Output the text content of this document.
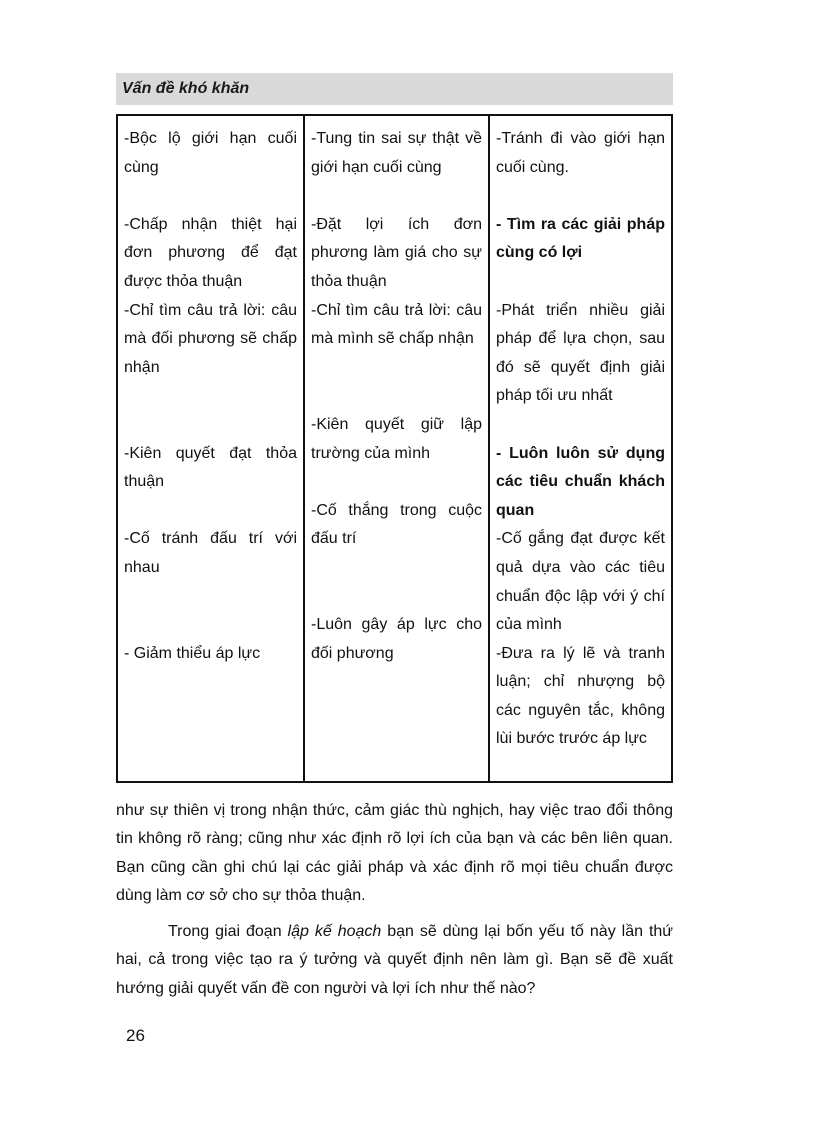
Vấn đề khó khăn
-Bộc lộ giới hạn cuối cùng
-Chấp nhận thiệt hại đơn phương để đạt được thỏa thuận
-Chỉ tìm câu trả lời: câu mà đối phương sẽ chấp nhận
-Kiên quyết đạt thỏa thuận
-Cố tránh đấu trí với nhau
- Giảm thiểu áp lực
-Tung tin sai sự thật về giới hạn cuối cùng
-Đặt lợi ích đơn phương làm giá cho sự thỏa thuận
-Chỉ tìm câu trả lời: câu mà mình sẽ chấp nhận
-Kiên quyết giữ lập trường của mình
-Cố thắng trong cuộc đấu trí
-Luôn gây áp lực cho đối phương
-Tránh đi vào giới hạn cuối cùng.
- Tìm ra các giải pháp cùng có lợi
-Phát triển nhiều giải pháp để lựa chọn, sau đó sẽ quyết định giải pháp tối ưu nhất
- Luôn luôn sử dụng các tiêu chuẩn khách quan
-Cố gắng đạt được kết quả dựa vào các tiêu chuẩn độc lập với ý chí của mình
-Đưa ra lý lẽ và tranh luận; chỉ nhượng bộ các nguyên tắc, không lùi bước trước áp lực

như sự thiên vị trong nhận thức, cảm giác thù nghịch, hay việc trao đổi thông tin không rõ ràng; cũng như xác định rõ lợi ích của bạn và các bên liên quan. Bạn cũng cần ghi chú lại các giải pháp và xác định rõ mọi tiêu chuẩn được dùng làm cơ sở cho sự thỏa thuận.

Trong giai đoạn lập kế hoạch bạn sẽ dùng lại bốn yếu tố này lần thứ hai, cả trong việc tạo ra ý tưởng và quyết định nên làm gì. Bạn sẽ đề xuất hướng giải quyết vấn đề con người và lợi ích như thế nào?

26
